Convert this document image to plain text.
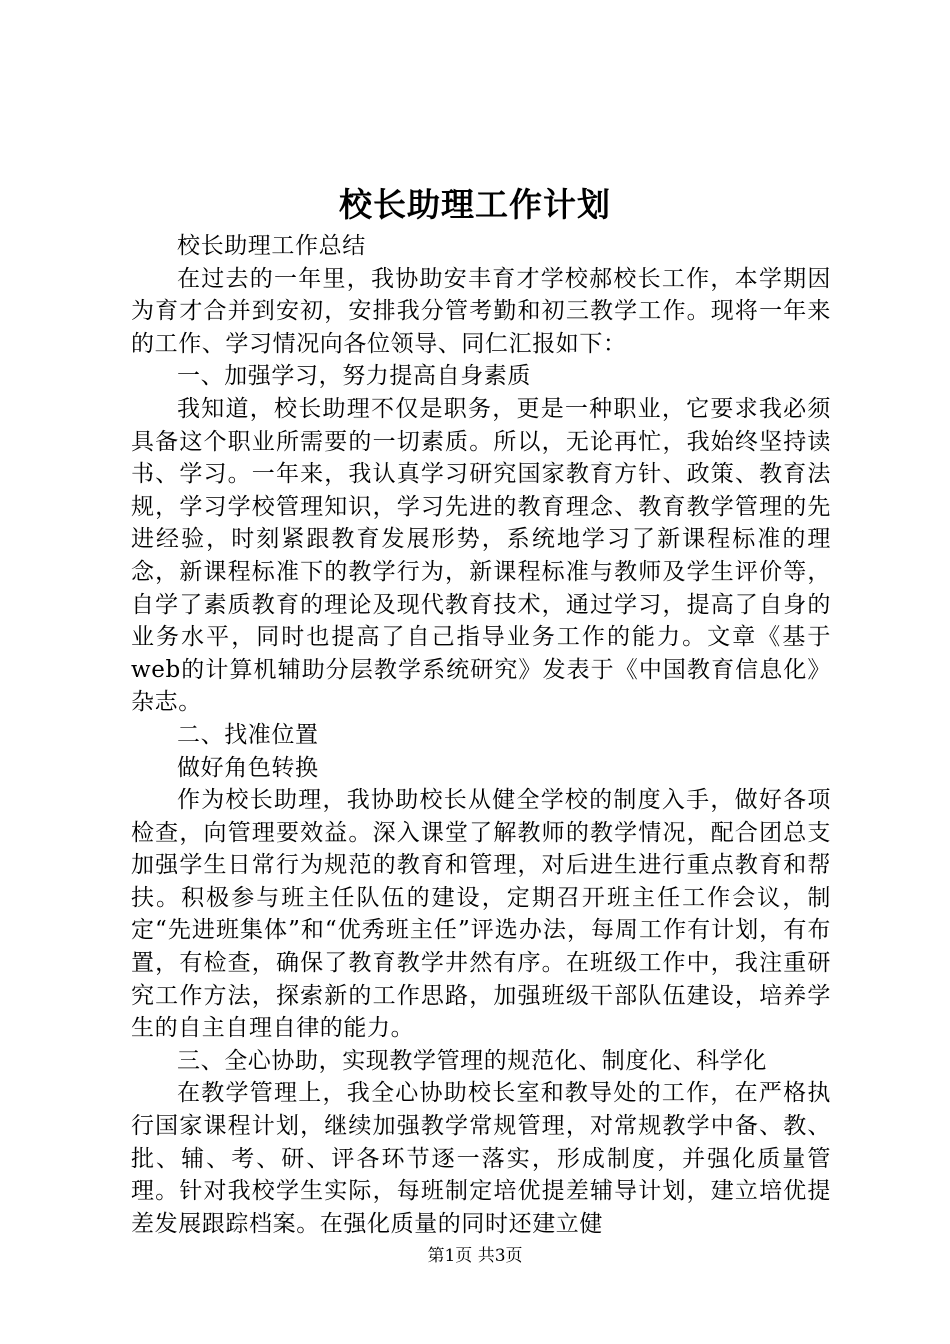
校长助理工作计划

校长助理工作总结

在过去的一年里，我协助安丰育才学校郝校长工作，本学期因为育才合并到安初，安排我分管考勤和初三教学工作。现将一年来的工作、学习情况向各位领导、同仁汇报如下：

一、加强学习，努力提高自身素质

我知道，校长助理不仅是职务，更是一种职业，它要求我必须具备这个职业所需要的一切素质。所以，无论再忙，我始终坚持读书、学习。一年来，我认真学习研究国家教育方针、政策、教育法规，学习学校管理知识，学习先进的教育理念、教育教学管理的先进经验，时刻紧跟教育发展形势，系统地学习了新课程标准的理念，新课程标准下的教学行为，新课程标准与教师及学生评价等，自学了素质教育的理论及现代教育技术，通过学习，提高了自身的业务水平，同时也提高了自己指导业务工作的能力。文章《基于web的计算机辅助分层教学系统研究》发表于《中国教育信息化》杂志。

二、找准位置

做好角色转换

作为校长助理，我协助校长从健全学校的制度入手，做好各项检查，向管理要效益。深入课堂了解教师的教学情况，配合团总支加强学生日常行为规范的教育和管理，对后进生进行重点教育和帮扶。积极参与班主任队伍的建设，定期召开班主任工作会议，制定“先进班集体”和“优秀班主任”评选办法，每周工作有计划，有布置，有检查，确保了教育教学井然有序。在班级工作中，我注重研究工作方法，探索新的工作思路，加强班级干部队伍建设，培养学生的自主自理自律的能力。

三、全心协助，实现教学管理的规范化、制度化、科学化

在教学管理上，我全心协助校长室和教导处的工作，在严格执行国家课程计划，继续加强教学常规管理，对常规教学中备、教、批、辅、考、研、评各环节逐一落实，形成制度，并强化质量管理。针对我校学生实际，每班制定培优提差辅导计划，建立培优提差发展跟踪档案。在强化质量的同时还建立健

第1页 共3页
